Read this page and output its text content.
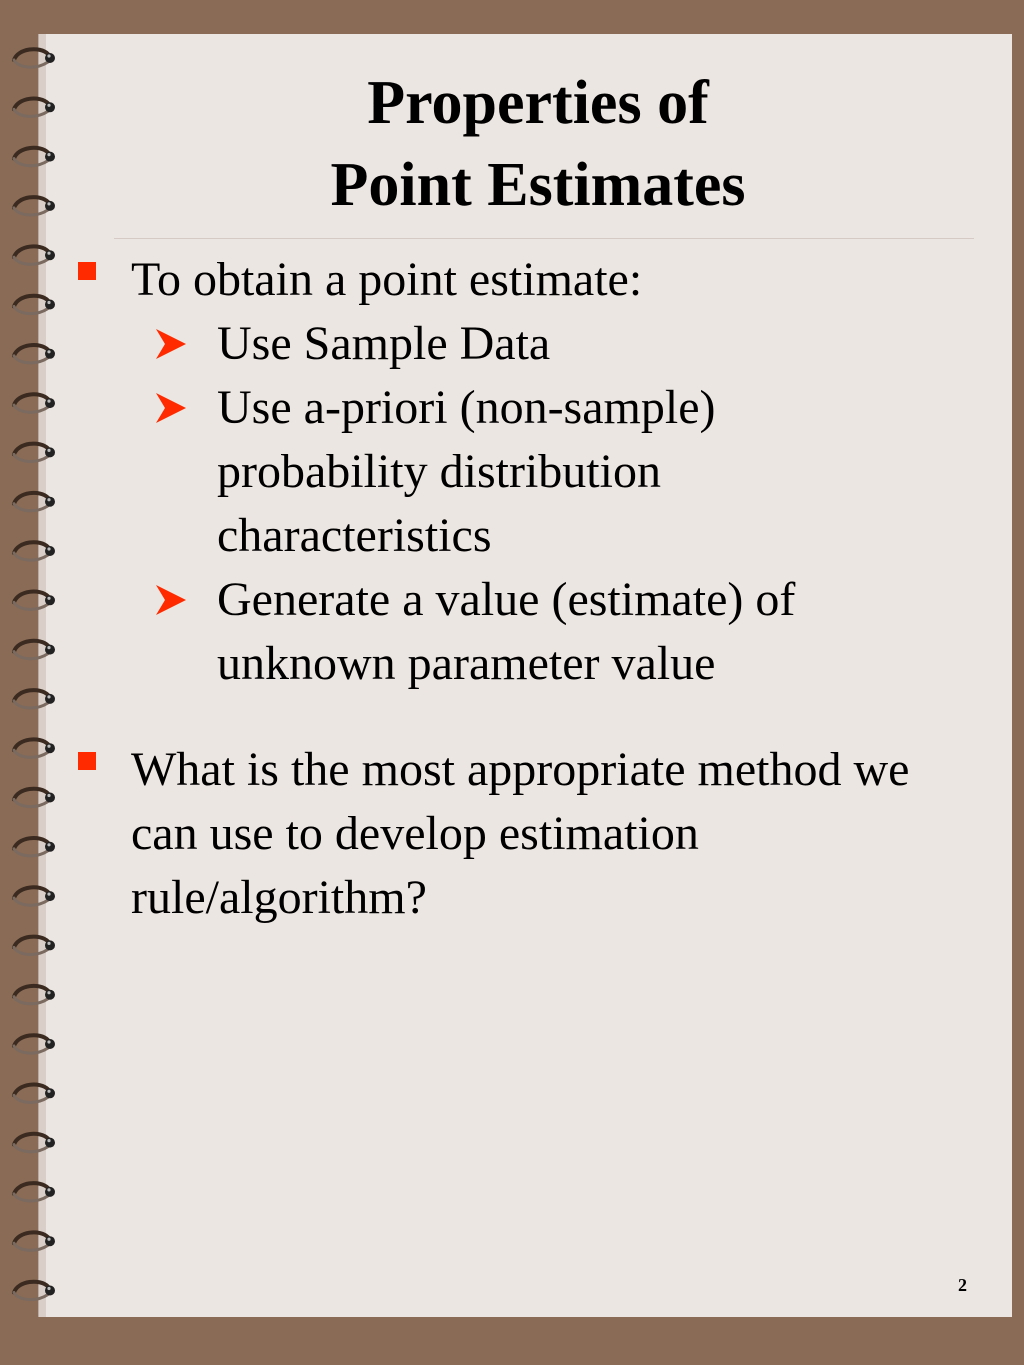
Properties of
Point Estimates

To obtain a point estimate:

Use Sample Data

Use a-priori (non-sample)

probability distribution

characteristics

Generate a value (estimate) of

unknown parameter value

What is the most appropriate method we

can use to develop estimation

rule/algorithm?

2
